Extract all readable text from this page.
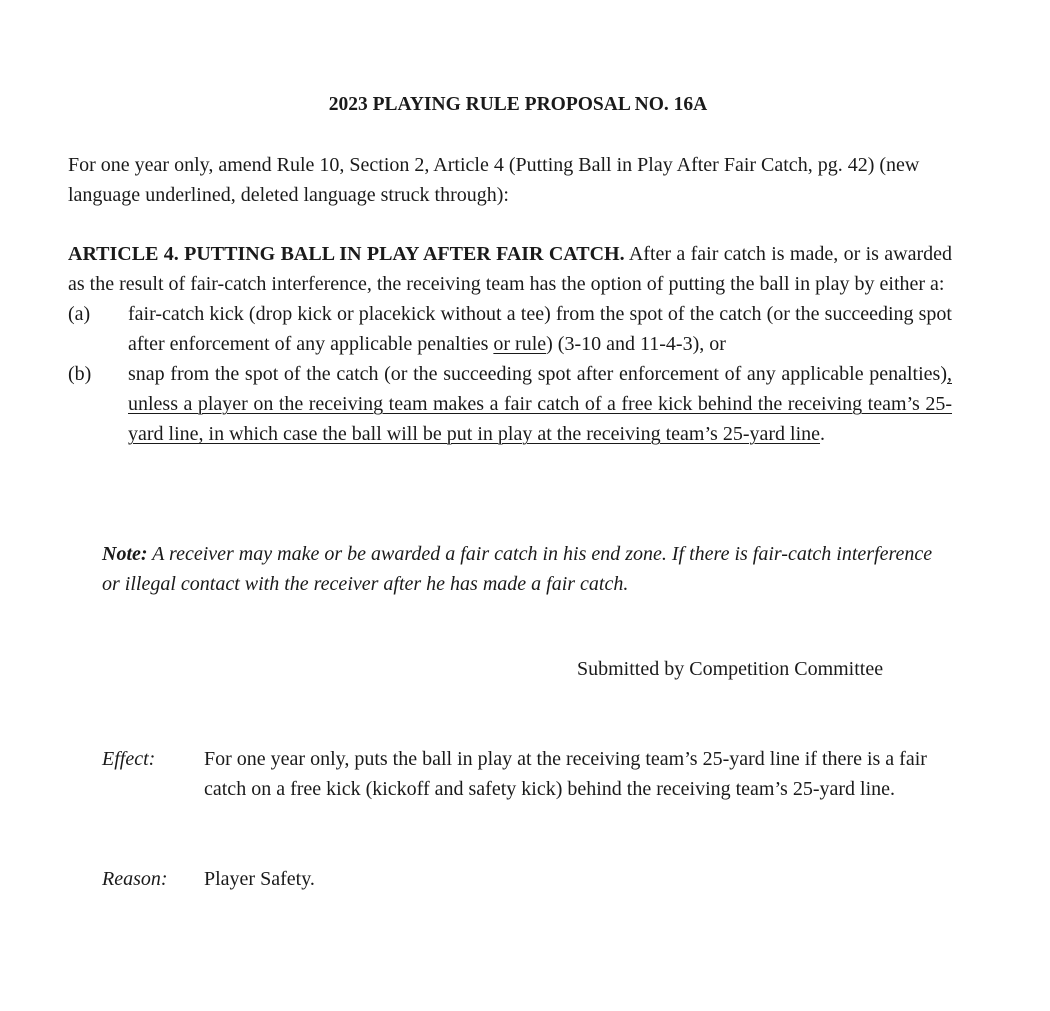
2023 PLAYING RULE PROPOSAL NO. 16A
For one year only, amend Rule 10, Section 2, Article 4 (Putting Ball in Play After Fair Catch, pg. 42) (new language underlined, deleted language struck through):
ARTICLE 4. PUTTING BALL IN PLAY AFTER FAIR CATCH. After a fair catch is made, or is awarded as the result of fair-catch interference, the receiving team has the option of putting the ball in play by either a:
(a) fair-catch kick (drop kick or placekick without a tee) from the spot of the catch (or the succeeding spot after enforcement of any applicable penalties or rule) (3-10 and 11-4-3), or
(b) snap from the spot of the catch (or the succeeding spot after enforcement of any applicable penalties), unless a player on the receiving team makes a fair catch of a free kick behind the receiving team’s 25-yard line, in which case the ball will be put in play at the receiving team’s 25-yard line.
Note: A receiver may make or be awarded a fair catch in his end zone. If there is fair-catch interference or illegal contact with the receiver after he has made a fair catch.
Submitted by Competition Committee
Effect: For one year only, puts the ball in play at the receiving team’s 25-yard line if there is a fair catch on a free kick (kickoff and safety kick) behind the receiving team’s 25-yard line.
Reason: Player Safety.
